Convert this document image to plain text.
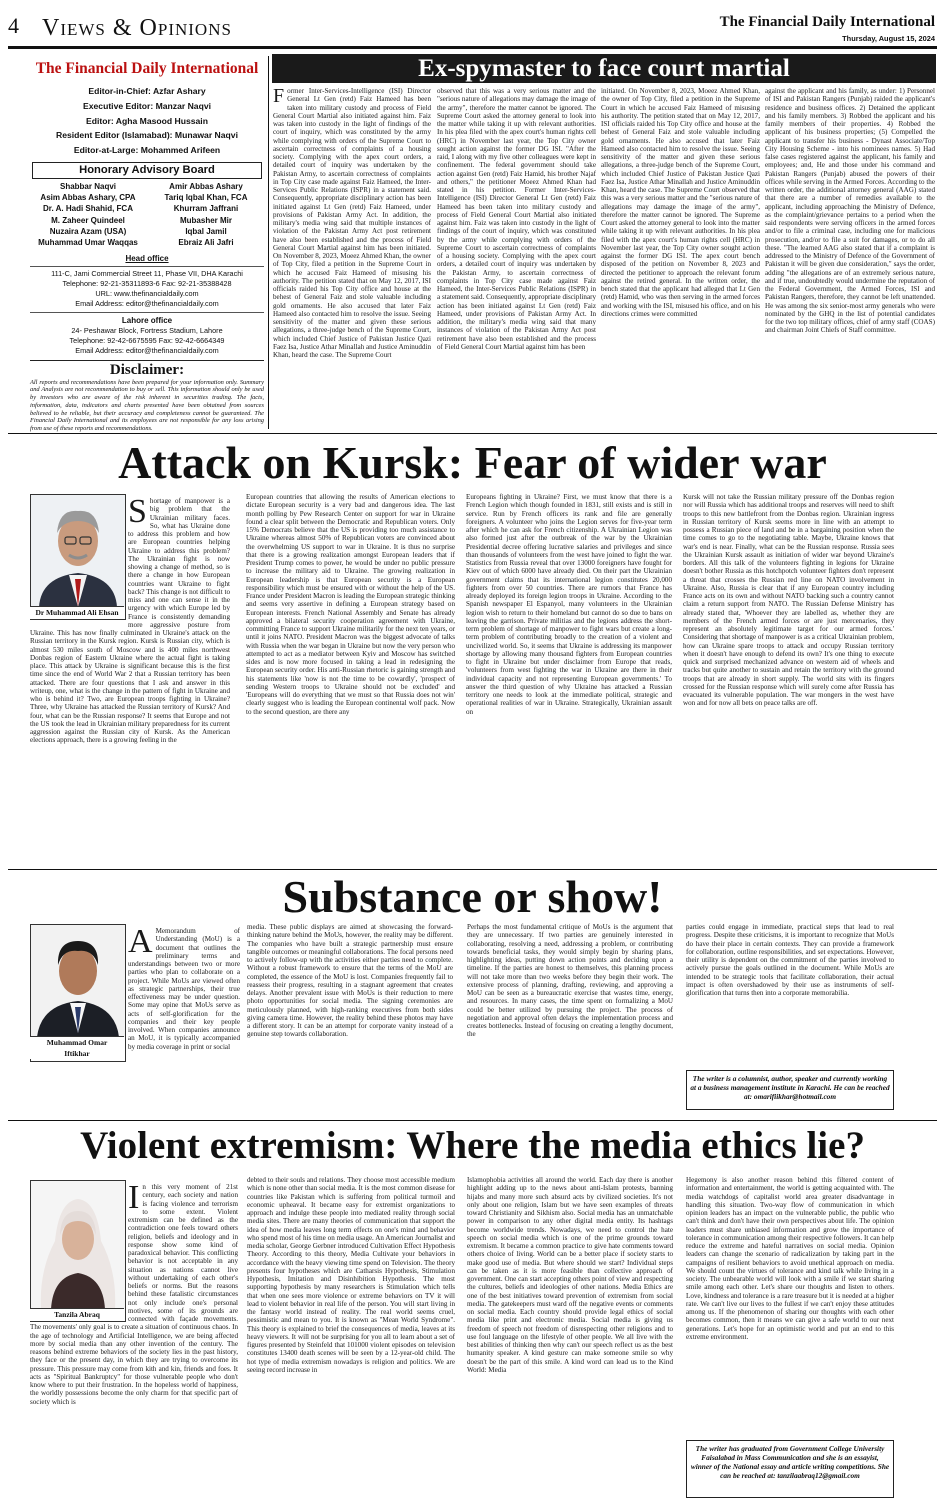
4 Views & Opinions	The Financial Daily International
Thursday, August 15, 2024
The Financial Daily International
Editor-in-Chief: Azfar Ashary
Executive Editor: Manzar Naqvi
Editor: Agha Masood Hussain
Resident Editor (Islamabad): Munawar Naqvi
Editor-at-Large: Mohammed Arifeen
Honorary Advisory Board
Shabbar Naqvi
Asim Abbas Ashary, CPA
Dr. A. Hadi Shahid, FCA
M. Zaheer Quindeel
Nuzaira Azam (USA)
Muhammad Umar Waqqas
Amir Abbas Ashary
Tariq Iqbal Khan, FCA
Khurram Jaffrani
Mubasher Mir
Iqbal Jamil
Ebraiz Ali Jafri
Head office
111-C, Jami Commercial Street 11, Phase VII, DHA Karachi
Telephone: 92-21-35311893-6 Fax: 92-21-35388428
URL: www.thefinancialdaily.com
Email Address: editor@thefinancialdaily.com
Lahore office
24- Peshawar Block, Fortress Stadium, Lahore
Telephone: 92-42-6675595 Fax: 92-42-6664349
Email Address: editor@thefinancialdaily.com
Disclaimer:
All reports and recommendations have been prepared for your information only. Summary and Analysis are not recommendation to buy or sell. This information should only be used by investors who are aware of the risk inherent in securities trading. The facts, information, data, indicators and charts presented have been obtained from sources believed to be reliable, but their accuracy and completeness cannot be guaranteed. The Financial Daily International and its employees are not responsible for any loss arising from use of these reports and recommendations.
Ex-spymaster to face court martial
Former Inter-Services-Intelligence (ISI) Director General Lt Gen (retd) Faiz Hameed has been taken into military custody and process of Field General Court Martial also initiated against him. Faiz was taken into custody in the light of findings of the court of inquiry, which was constituted by the army while complying with orders of the Supreme Court to ascertain correctness of complaints of a housing society. Complying with the apex court orders, a detailed court of inquiry was undertaken by the Pakistan Army, to ascertain correctness of complaints in Top City case made against Faiz Hameed, the Inter-Services Public Relations (ISPR) in a statement said. Consequently, appropriate disciplinary action has been initiated against Lt Gen (retd) Faiz Hameed, under provisions of Pakistan Army Act. In addition, the military's media wing said that multiple instances of violation of the Pakistan Army Act post retirement have also been established and the process of Field General Court Martial against him has been initiated. On November 8, 2023, Moeez Ahmed Khan, the owner of Top City, filed a petition in the Supreme Court in which he accused Faiz Hameed of misusing his authority. The petition stated that on May 12, 2017, ISI officials raided his Top City office and house at the behest of General Faiz and stole valuable including gold ornaments. He also accused that later Faiz Hameed also contacted him to resolve the issue. Seeing sensitivity of the matter and given these serious allegations, a three-judge bench of the Supreme Court, which included Chief Justice of Pakistan Justice Qazi Faez Isa, Justice Athar Minallah and Justice Aminuddin Khan, heard the case. The Supreme Court
observed that this was a very serious matter and the "serious nature of allegations may damage the image of the army", therefore the matter cannot be ignored. The Supreme Court asked the attorney general to look into the matter while taking it up with relevant authorities. In his plea filed with the apex court's human rights cell (HRC) in November last year, the Top City owner sought action against the former DG ISI. "After the raid, I along with my five other colleagues were kept in confinement. The federal government should take action against Gen (retd) Faiz Hamid, his brother Najaf and others," the petitioner Moeez Ahmed Khan had stated in his petition. Former Inter-Services-Intelligence (ISI) Director General Lt Gen (retd) Faiz Hameed has been taken into military custody and process of Field General Court Martial also initiated against him. Faiz was taken into custody in the light of findings of the court of inquiry, which was constituted by the army while complying with orders of the Supreme Court to ascertain correctness of complaints of a housing society. Complying with the apex court orders, a detailed court of inquiry was undertaken by the Pakistan Army, to ascertain correctness of complaints in Top City case made against Faiz Hameed, the Inter-Services Public Relations (ISPR) in a statement said. Consequently, appropriate disciplinary action has been initiated against Lt Gen (retd) Faiz Hameed, under provisions of Pakistan Army Act. In addition, the military's media wing said that many instances of violation of the Pakistan Army Act post retirement have also been established and the process of Field General Court Martial against him has been
initiated. On November 8, 2023, Moeez Ahmed Khan, the owner of Top City, filed a petition in the Supreme Court in which he accused Faiz Hameed of misusing his authority. The petition stated that on May 12, 2017, ISI officials raided his Top City office and house at the behest of General Faiz and stole valuable including gold ornaments. He also accused that later Faiz Hameed also contacted him to resolve the issue. Seeing sensitivity of the matter and given these serious allegations, a three-judge bench of the Supreme Court, which included Chief Justice of Pakistan Justice Qazi Faez Isa, Justice Athar Minallah and Justice Aminuddin Khan, heard the case. The Supreme Court observed that this was a very serious matter and the "serious nature of allegations may damage the image of the army", therefore the matter cannot be ignored. The Supreme Court asked the attorney general to look into the matter while taking it up with relevant authorities. In his plea filed with the apex court's human rights cell (HRC) in November last year, the Top City owner sought action against the former DG ISI. The apex court bench disposed of the petition on November 8, 2023 and directed the petitioner to approach the relevant forum against the retired general. In the written order, the bench stated that the applicant had alleged that Lt Gen (retd) Hamid, who was then serving in the armed forces and working with the ISI, misused his office, and on his directions crimes were committed
against the applicant and his family, as under: 1) Personnel of ISI and Pakistan Rangers (Punjab) raided the applicant's residence and business offices. 2) Detained the applicant and his family members. 3) Robbed the applicant and his family members of their properties. 4) Robbed the applicant of his business properties; (5) Compelled the applicant to transfer his business - Dynast Associate/Top City Housing Scheme - into his nominees names. 5) Had false cases registered against the applicant, his family and employees; and, He and those under his command and Pakistan Rangers (Punjab) abused the powers of their offices while serving in the Armed Forces. According to the written order, the additional attorney general (AAG) stated that there are a number of remedies available to the applicant, including approaching the Ministry of Defence, as the complaint/grievance pertains to a period when the said respondents were serving officers in the armed forces and/or to file a criminal case, including one for malicious prosecution, and/or to file a suit for damages, or to do all these. "The learned AAG also stated that if a complaint is addressed to the Ministry of Defence of the Government of Pakistan it will be given due consideration," says the order, adding "the allegations are of an extremely serious nature, and if true, undoubtedly would undermine the reputation of the Federal Government, the Armed Forces, ISI and Pakistan Rangers, therefore, they cannot be left unattended. He was among the six senior-most army generals who were nominated by the GHQ in the list of potential candidates for the two top military offices, chief of army staff (COAS) and chairman Joint Chiefs of Staff committee.
Attack on Kursk: Fear of wider war
Dr Muhammad Ali Ehsan
Shortage of manpower is a big problem that the Ukrainian military faces. So, what has Ukraine done to address this problem and how are European countries helping Ukraine to address this problem? The Ukrainian fight is now showing a change of method, so is there a change in how European countries want Ukraine to fight back? This change is not difficult to miss and one can sense it in the urgency with which Europe led by France is consistently demanding more aggressive posture from Ukraine. This has now finally culminated in Ukraine's attack on the Russian territory in the Kursk region. Kursk is Russian city, which is almost 530 miles south of Moscow and is 400 miles northwest Donbas region of Eastern Ukraine where the actual fight is taking place. This attack by Ukraine is significant because this is the first time since the end of World War 2 that a Russian territory has been attacked. There are four questions that I ask and answer in this writeup, one, what is the change in the pattern of fight in Ukraine and who is behind it? Two, are European troops fighting in Ukraine? Three, why Ukraine has attacked the Russian territory of Kursk? And four, what can be the Russian response? It seems that Europe and not the US took the lead in Ukrainian military preparedness for its current aggression against the Russian city of Kursk. As the American elections approach, there is a growing feeling in the
European countries that allowing the results of American elections to dictate European security is a very bad and dangerous idea. The last month polling by Pew Research Center on support for war in Ukraine found a clear split between the Democratic and Republican voters. Only 15% Democrats believe that the US is providing too much assistance to Ukraine whereas almost 50% of Republican voters are convinced about the overwhelming US support to war in Ukraine. It is thus no surprise that there is a growing realization amongst European leaders that if President Trump comes to power, he would be under no public pressure to increase the military aid to Ukraine. The growing realization in European leadership is that European security is a European responsibility which must be ensured with or without the help of the US. France under President Macron is leading the European strategic thinking and seems very assertive in defining a European strategy based on European interests. French National Assembly and Senate has already approved a bilateral security cooperation agreement with Ukraine, committing France to support Ukraine militarily for the next ten years, or until it joins NATO. President Macron was the biggest advocate of talks with Russia when the war began in Ukraine but now the very person who attempted to act as a mediator between Kyiv and Moscow has switched sides and is now more focused in taking a lead in redesigning the European security order. His anti-Russian rhetoric is gaining strength and his statements like 'now is not the time to be cowardly', 'prospect of sending Western troops to Ukraine should not be excluded' and 'Europeans will do everything that we must so that Russia does not win' clearly suggest who is leading the European continental wolf pack. Now to the second question, are there any
Europeans fighting in Ukraine? First, we must know that there is a French Legion which though founded in 1831, still exists and is still in service. Run by French officers its rank and file are generally foreigners. A volunteer who joins the Legion serves for five-year term after which he can ask for French citizenship. A Ukrainian Legion was also formed just after the outbreak of the war by the Ukrainian Presidential decree offering lucrative salaries and privileges and since than thousands of volunteers from the west have joined to fight the war. Statistics from Russia reveal that over 13000 foreigners have fought for Kiev out of which 6000 have already died. On their part the Ukrainian government claims that its international legion constitutes 20,000 fighters from over 50 countries. There are rumors that France has already deployed its foreign legion troops in Ukraine. According to the Spanish newspaper El Espanyol, many volunteers in the Ukrainian legion wish to return to their homeland but cannot do so due to bans on leaving the garrison. Private militias and the legions address the short-term problem of shortage of manpower to fight wars but create a long-term problem of contributing broadly to the creation of a violent and uncivilized world. So, it seems that Ukraine is addressing its manpower shortage by allowing many thousand fighters from European countries to fight in Ukraine but under disclaimer from Europe that reads, 'volunteers from west fighting the war in Ukraine are there in their individual capacity and not representing European governments.' To answer the third question of why Ukraine has attacked a Russian territory one needs to look at the immediate political, strategic and operational realities of war in Ukraine. Strategically, Ukrainian assault on
Kursk will not take the Russian military pressure off the Donbas region nor will Russia which has additional troops and reserves will need to shift troops to this new battlefront from the Donbas region. Ukrainian ingress in Russian territory of Kursk seems more in line with an attempt to possess a Russian piece of land and be in a bargaining position when the time comes to go to the negotiating table. Maybe, Ukraine knows that war's end is near. Finally, what can be the Russian response. Russia sees the Ukrainian Kursk assault as initiation of wider war beyond Ukraine's borders. All this talk of the volunteers fighting in legions for Ukraine doesn't bother Russia as this hotchpotch volunteer fighters don't represent a threat that crosses the Russian red line on NATO involvement in Ukraine. Also, Russia is clear that if any European country including France acts on its own and without NATO backing such a country cannot claim a return support from NATO. The Russian Defense Ministry has already stated that, 'Whoever they are labelled as, whether they are members of the French armed forces or are just mercenaries, they represent an absolutely legitimate target for our armed forces.' Considering that shortage of manpower is as a critical Ukrainian problem, how can Ukraine spare troops to attack and occupy Russian territory when it doesn't have enough to defend its own? It's one thing to execute quick and surprised mechanized advance on western aid of wheels and tracks but quite another to sustain and retain the territory with the ground troops that are already in short supply. The world sits with its fingers crossed for the Russian response which will surely come after Russia has evacuated its vulnerable population. The war mongers in the west have won and for now all bets on peace talks are off.
Substance or show!
Muhammad Omar
Iftikhar
A Memorandum of Understanding (MoU) is a document that outlines the preliminary terms and understandings between two or more parties who plan to collaborate on a project. While MoUs are viewed often as strategic partnerships, their true effectiveness may be under question. Some may opine that MoUs serve as acts of self-glorification for the companies and their key people involved. When companies announce an MoU, it is typically accompanied by media coverage in print or social
media. These public displays are aimed at showcasing the forward-thinking nature behind the MoUs, however, the reality may be different. The companies who have built a strategic partnership must ensure tangible outcomes or meaningful collaborations. The focal persons need to actively follow-up with the activities either parties need to complete. Without a robust framework to ensure that the terms of the MoU are completed, the essence of the MoU is lost. Companies frequently fail to reassess their progress, resulting in a stagnant agreement that creates delays. Another prevalent issue with MoUs is their reduction to mere photo opportunities for social media. The signing ceremonies are meticulously planned, with high-ranking executives from both sides giving camera time. However, the reality behind these photos may have a different story. It can be an attempt for corporate vanity instead of a genuine step towards collaboration.
Perhaps the most fundamental critique of MoUs is the argument that they are unnecessary. If two parties are genuinely interested in collaborating, resolving a need, addressing a problem, or contributing towards beneficial tasks, they would simply begin by sharing plans, highlighting ideas, putting down action points and deciding upon a timeline. If the parties are honest to themselves, this planning process will not take more than two weeks before they begin their work. The extensive process of planning, drafting, reviewing, and approving a MoU can be seen as a bureaucratic exercise that wastes time, energy, and resources. In many cases, the time spent on formalizing a MoU could be better utilized by pursuing the project. The process of negotiation and approval often delays the implementation process and creates bottlenecks. Instead of focusing on creating a lengthy document, the
parties could engage in immediate, practical steps that lead to real progress. Despite these criticisms, it is important to recognize that MoUs do have their place in certain contexts. They can provide a framework for collaboration, outline responsibilities, and set expectations. However, their utility is dependent on the commitment of the parties involved to actively pursue the goals outlined in the document. While MoUs are intended to be strategic tools that facilitate collaboration, their actual impact is often overshadowed by their use as instruments of self-glorification that turns then into a corporate memorabilia.
The writer is a columnist, author, speaker and currently working at a business management institute in Karachi. He can be reached at: omarifiikhar@hotmail.com
Violent extremism: Where the media ethics lie?
Tanzila Abraq
In this very moment of 21st century, each society and nation is facing violence and terrorism to some extent. Violent extremism can be defined as the contradiction one feels toward others religion, beliefs and ideology and in response show some kind of paradoxical behavior. This conflicting behavior is not acceptable in any situation as nations cannot live without undertaking of each other's beliefs or norms. But the reasons behind these fatalistic circumstances not only include one's personal motives, some of its grounds are connected with façade movements. The movements' only goal is to create a situation of continuous chaos. In the age of technology and Artificial Intelligence, we are being affected more by social media than any other invention of the century. The reasons behind extreme behaviors of the society lies in the past history, they face or the present day, in which they are trying to overcome its pressure. This pressure may come from kith and kin, friends and foes. It acts as "Spiritual Bankruptcy" for those vulnerable people who don't know where to put their frustration. In the hopeless world of happiness, the worldly possessions become the only charm for that specific part of society which is
debted to their souls and relations. They choose most accessible medium which is none other than social media. It is the most common disease for countries like Pakistan which is suffering from political turmoil and economic upheaval. It became easy for extremist organizations to approach and indulge these people into mediated reality through social media sites. There are many theories of communication that support the idea of how media leaves long term effects on one's mind and behavior who spend most of his time on media usage. An American Journalist and media scholar, George Gerbner introduced Cultivation Effect Hypothesis Theory. According to this theory, Media Cultivate your behaviors in accordance with the heavy viewing time spend on Television. The theory presents four hypotheses which are Catharsis Hypothesis, Stimulation Hypothesis, Imitation and Disinhibition Hypothesis. The most supporting hypothesis by many researchers is Stimulation which tells that when one sees more violence or extreme behaviors on TV it will lead to violent behavior in real life of the person. You will start living in the fantasy world instead of reality. The real world seems cruel, pessimistic and mean to you. It is known as "Mean World Syndrome". This theory is explained to brief the consequences of media, leaves at its heavy viewers. It will not be surprising for you all to learn about a set of figures presented by Steinfeld that 101000 violent episodes on television constitutes 13400 death scenes will be seen by a 12-year-old child. The hot type of media extremism nowadays is religion and politics. We are seeing record increase in
Islamophobia activities all around the world. Each day there is another highlight adding up to the news about anti-Islam protests, banning hijabs and many more such absurd acts by civilized societies. It's not only about one religion, Islam but we have seen examples of threats toward Christianity and Sikhism also. Social media has an unmatchable power in comparison to any other digital media entity. Its hashtags become worldwide trends. Nowadays, we need to control the hate speech on social media which is one of the prime grounds toward extremism. It became a common practice to give hate comments toward others choice of living. World can be a better place if society starts to make good use of media. But where should we start? Individual steps can be taken as it is more feasible than collective approach of government. One can start accepting others point of view and respecting the cultures, beliefs and ideologies of other nations. Media Ethics are one of the best initiatives toward prevention of extremism from social media. The gatekeepers must ward off the negative events or comments on social media. Each country should provide legal ethics of social media like print and electronic media. Social media is giving us freedom of speech not freedom of disrespecting other religions and to use foul language on the lifestyle of other people. We all live with the best abilities of thinking then why can't our speech reflect us as the best humanity speaker. A kind gesture can make someone smile so why doesn't be the part of this smile. A kind word can lead us to the Kind World: Media
Hegemony is also another reason behind this filtered content of information and entertainment, the world is getting acquainted with. The media watchdogs of capitalist world area greater disadvantage in handling this situation. Two-way flow of communication in which opinion leaders has an impact on the vulnerable public, the public who can't think and don't have their own perspectives about life. The opinion leaders must share unbiased information and grow the importance of tolerance in communication among their respective followers. It can help reduce the extreme and hateful narratives on social media. Opinion leaders can change the scenario of radicalization by taking part in the campaigns of resilient behaviors to avoid unethical approach on media. We should count the virtues of tolerance and kind talk while living in a society. The unbearable world will look with a smile if we start sharing smile among each other. Let's share our thoughts and listen to others. Love, kindness and tolerance is a rare treasure but it is needed at a higher rate. We can't live our lives to the fullest if we can't enjoy these attitudes among us. If the phenomenon of sharing our thoughts with each other becomes common, then it means we can give a safe world to our next generations. Let's hope for an optimistic world and put an end to this extreme environment.
The writer has graduated from Government College University Faisalabad in Mass Communication and she is an essayist, winner of the National essay and article writing competitions. She can be reached at: tanzilaabraq12@gmail.com
